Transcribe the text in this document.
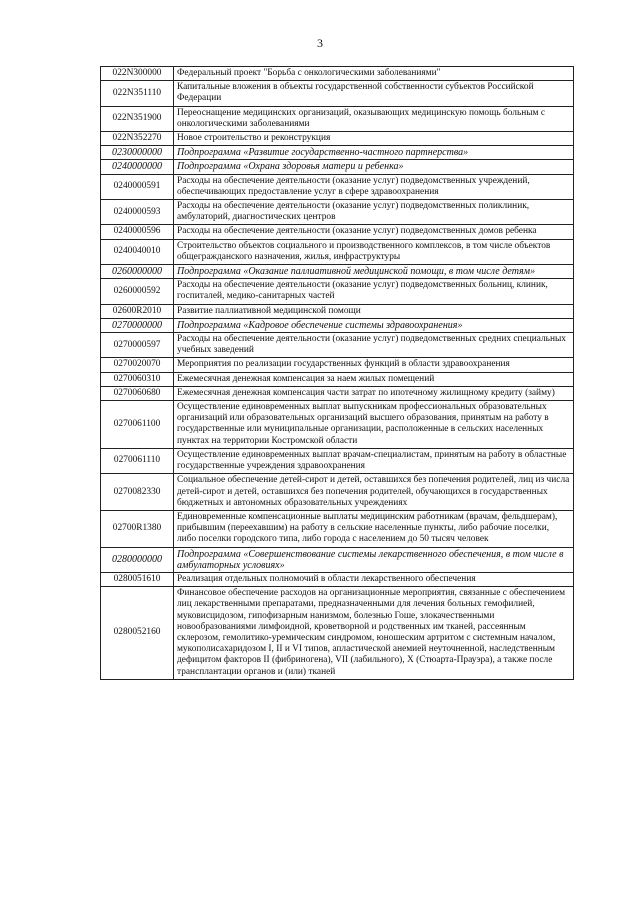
3
022N300000	Федеральный проект "Борьба с онкологическими заболеваниями"
022N351110	Капитальные вложения в объекты государственной собственности субъектов Российской Федерации
022N351900	Переоснащение медицинских организаций, оказывающих медицинскую помощь больным с онкологическими заболеваниями
022N352270	Новое строительство и реконструкция
0230000000	Подпрограмма «Развитие государственно-частного партнерства»
0240000000	Подпрограмма «Охрана здоровья матери и ребенка»
0240000591	Расходы на обеспечение деятельности (оказание услуг) подведомственных учреждений, обеспечивающих предоставление услуг в сфере здравоохранения
0240000593	Расходы на обеспечение деятельности (оказание услуг) подведомственных поликлиник, амбулаторий, диагностических центров
0240000596	Расходы на обеспечение деятельности (оказание услуг) подведомственных домов ребенка
0240040010	Строительство объектов социального и производственного комплексов, в том числе объектов общегражданского назначения, жилья, инфраструктуры
0260000000	Подпрограмма «Оказание паллиативной медицинской помощи, в том числе детям»
0260000592	Расходы на обеспечение деятельности (оказание услуг) подведомственных больниц, клиник, госпиталей, медико-санитарных частей
02600R2010	Развитие паллиативной медицинской помощи
0270000000	Подпрограмма «Кадровое обеспечение системы здравоохранения»
0270000597	Расходы на обеспечение деятельности (оказание услуг) подведомственных средних специальных учебных заведений
0270020070	Мероприятия по реализации государственных функций в области здравоохранения
0270060310	Ежемесячная денежная компенсация за наем жилых помещений
0270060680	Ежемесячная денежная компенсация части затрат по ипотечному жилищному кредиту (займу)
0270061100	Осуществление единовременных выплат выпускникам профессиональных образовательных организаций или образовательных организаций высшего образования, принятым на работу в государственные или муниципальные организации, расположенные в сельских населенных пунктах на территории Костромской области
0270061110	Осуществление единовременных выплат врачам-специалистам, принятым на работу в областные государственные учреждения здравоохранения
0270082330	Социальное обеспечение детей-сирот и детей, оставшихся без попечения родителей, лиц из числа детей-сирот и детей, оставшихся без попечения родителей, обучающихся в государственных бюджетных и автономных образовательных учреждениях
02700R1380	Единовременные компенсационные выплаты медицинским работникам (врачам, фельдшерам), прибывшим (переехавшим) на работу в сельские населенные пункты, либо рабочие поселки, либо поселки городского типа, либо города с населением до 50 тысяч человек
0280000000	Подпрограмма «Совершенствование системы лекарственного обеспечения, в том числе в амбулаторных условиях»
0280051610	Реализация отдельных полномочий в области лекарственного обеспечения
0280052160	Финансовое обеспечение расходов на организационные мероприятия, связанные с обеспечением лиц лекарственными препаратами, предназначенными для лечения больных гемофилией, муковисцидозом, гипофизарным нанизмом, болезнью Гоше, злокачественными новообразованиями лимфоидной, кроветворной и родственных им тканей, рассеянным склерозом, гемолитико-уремическим синдромом, юношеским артритом с системным началом, мукополисахаридозом I, II и VI типов, апластической анемией неуточненной, наследственным дефицитом факторов II (фибриногена), VII (лабильного), X (Стюарта-Прауэра), а также после трансплантации органов и (или) тканей
